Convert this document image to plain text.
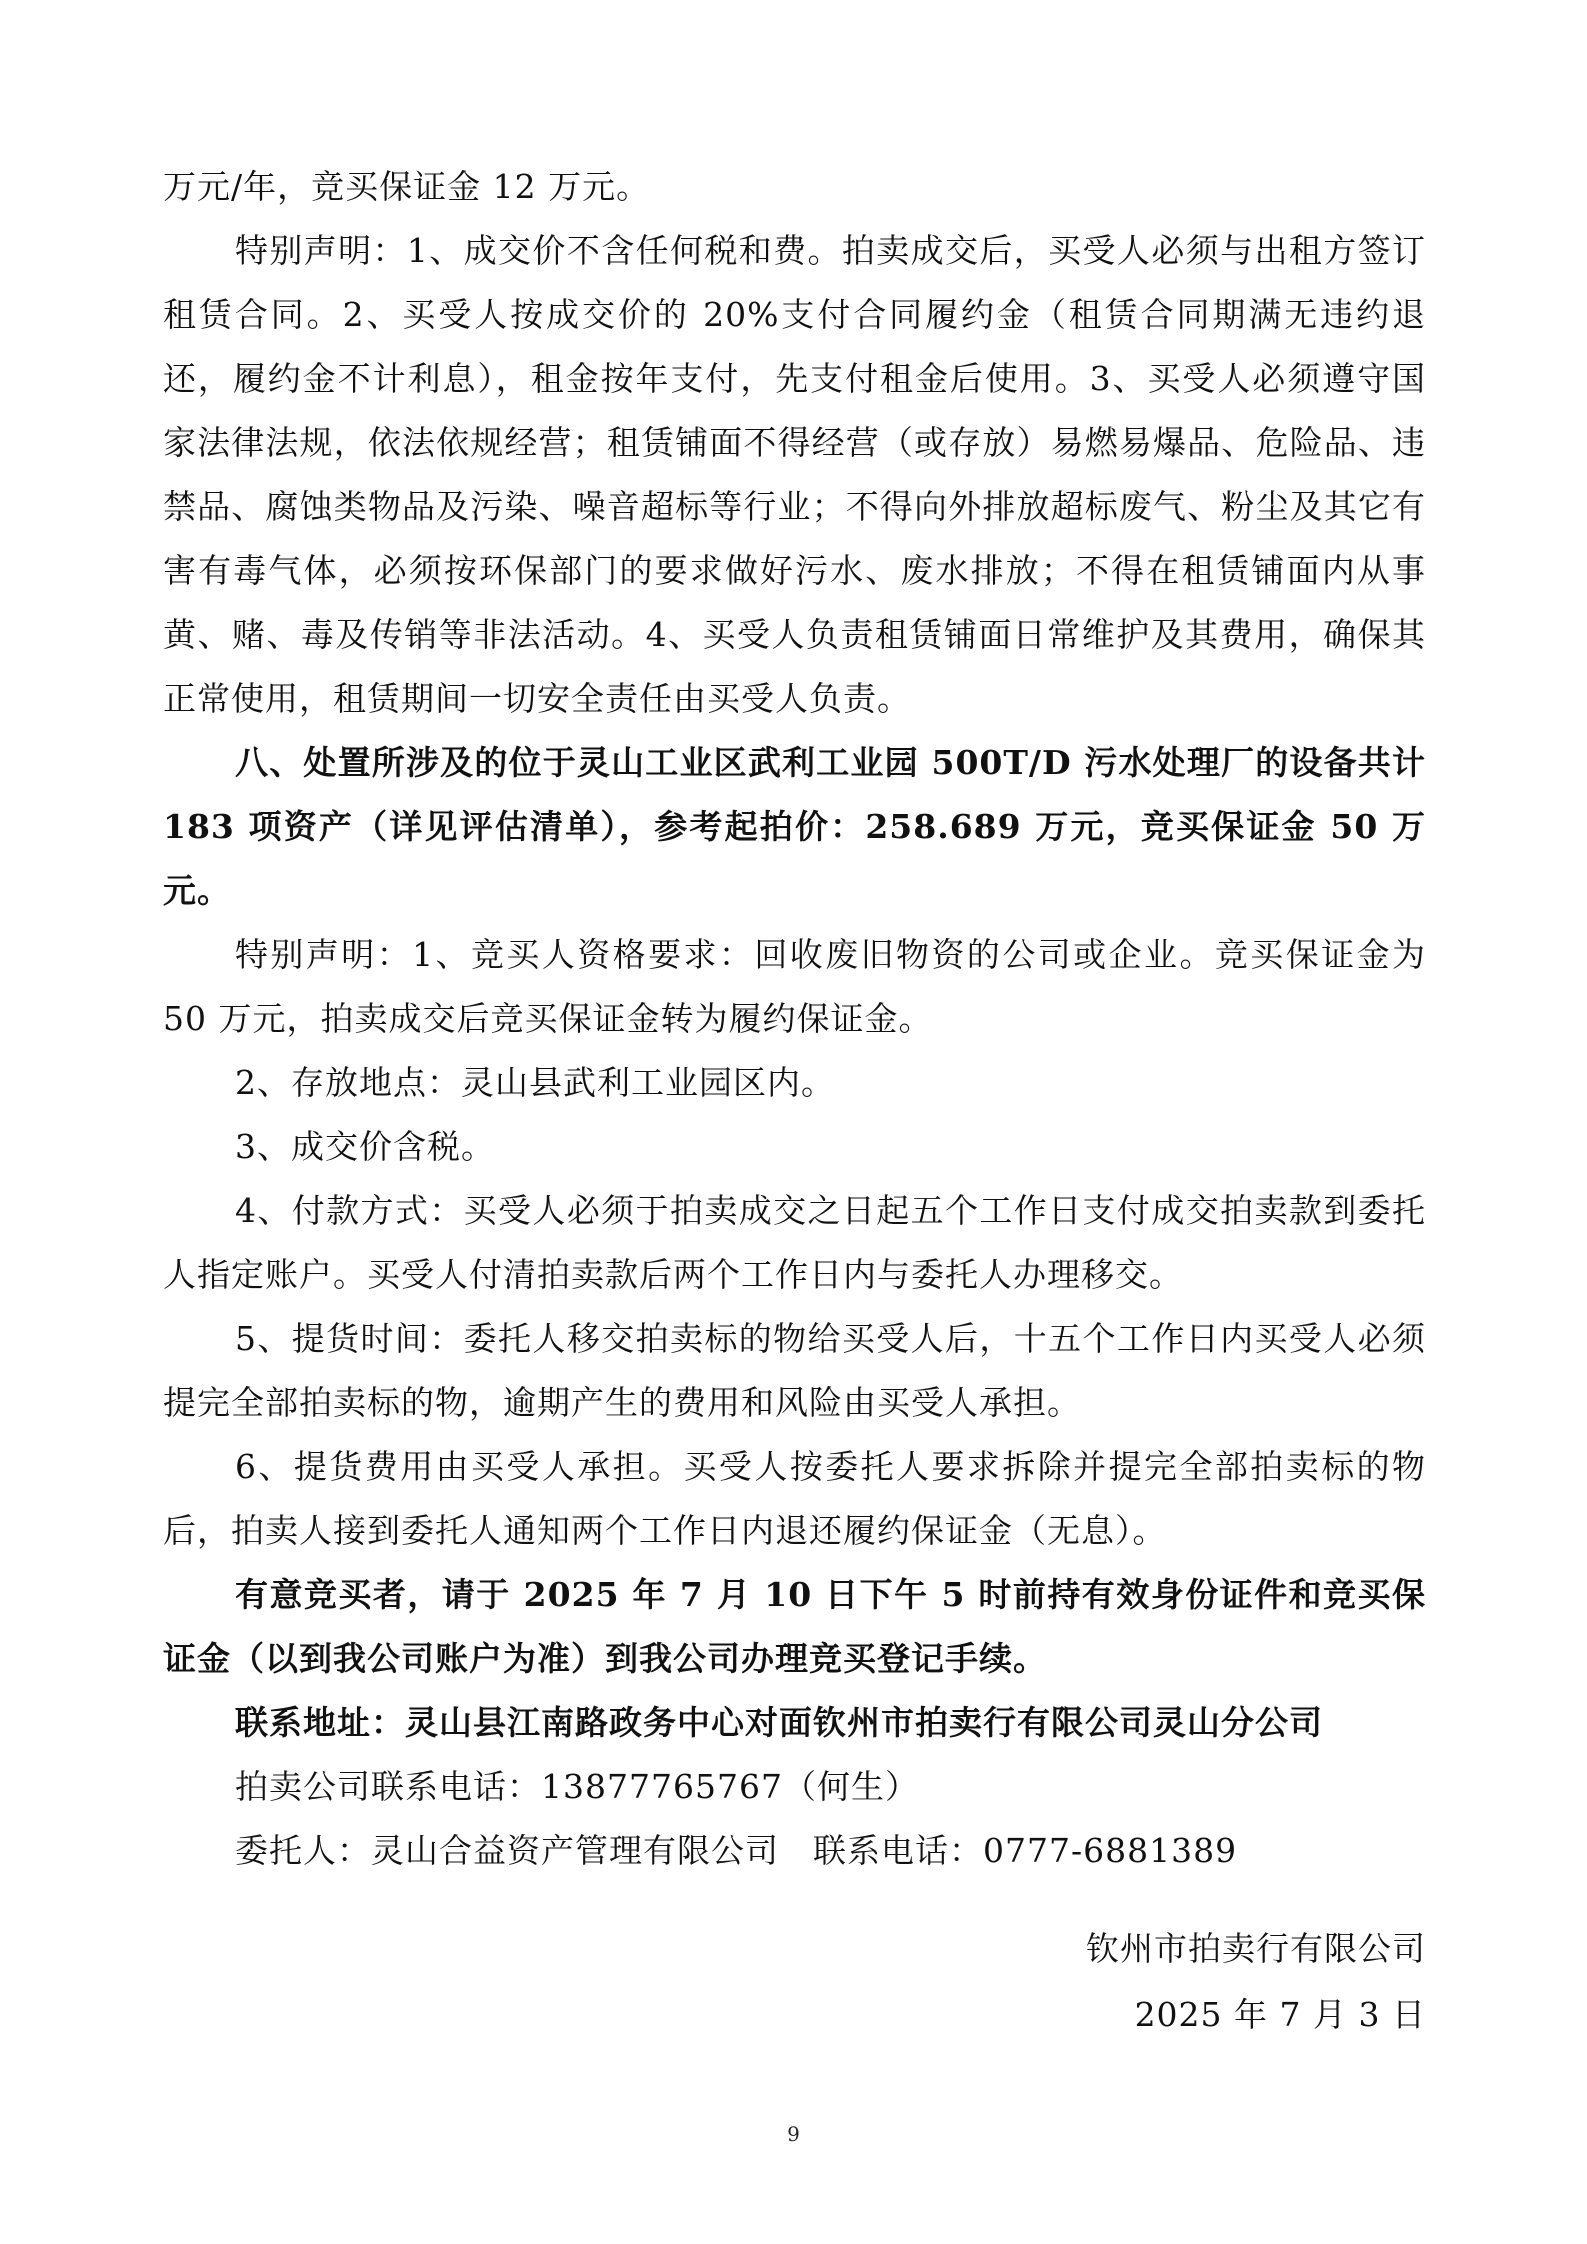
万元/年，竞买保证金 12 万元。

特别声明：1、成交价不含任何税和费。拍卖成交后，买受人必须与出租方签订租赁合同。2、买受人按成交价的 20%支付合同履约金（租赁合同期满无违约退还，履约金不计利息），租金按年支付，先支付租金后使用。3、买受人必须遵守国家法律法规，依法依规经营；租赁铺面不得经营（或存放）易燃易爆品、危险品、违禁品、腐蚀类物品及污染、噪音超标等行业；不得向外排放超标废气、粉尘及其它有害有毒气体，必须按环保部门的要求做好污水、废水排放；不得在租赁铺面内从事黄、赌、毒及传销等非法活动。4、买受人负责租赁铺面日常维护及其费用，确保其正常使用，租赁期间一切安全责任由买受人负责。

八、处置所涉及的位于灵山工业区武利工业园 500T/D 污水处理厂的设备共计 183 项资产（详见评估清单），参考起拍价：258.689 万元，竞买保证金 50 万元。

特别声明：1、竞买人资格要求：回收废旧物资的公司或企业。竞买保证金为 50 万元，拍卖成交后竞买保证金转为履约保证金。

2、存放地点：灵山县武利工业园区内。

3、成交价含税。

4、付款方式：买受人必须于拍卖成交之日起五个工作日支付成交拍卖款到委托人指定账户。买受人付清拍卖款后两个工作日内与委托人办理移交。

5、提货时间：委托人移交拍卖标的物给买受人后，十五个工作日内买受人必须提完全部拍卖标的物，逾期产生的费用和风险由买受人承担。

6、提货费用由买受人承担。买受人按委托人要求拆除并提完全部拍卖标的物后，拍卖人接到委托人通知两个工作日内退还履约保证金（无息）。

有意竞买者，请于 2025 年 7 月 10 日下午 5 时前持有效身份证件和竞买保证金（以到我公司账户为准）到我公司办理竞买登记手续。

联系地址：灵山县江南路政务中心对面钦州市拍卖行有限公司灵山分公司

拍卖公司联系电话：13877765767（何生）

委托人：灵山合益资产管理有限公司　联系电话：0777-6881389

钦州市拍卖行有限公司
2025 年 7 月 3 日
9
